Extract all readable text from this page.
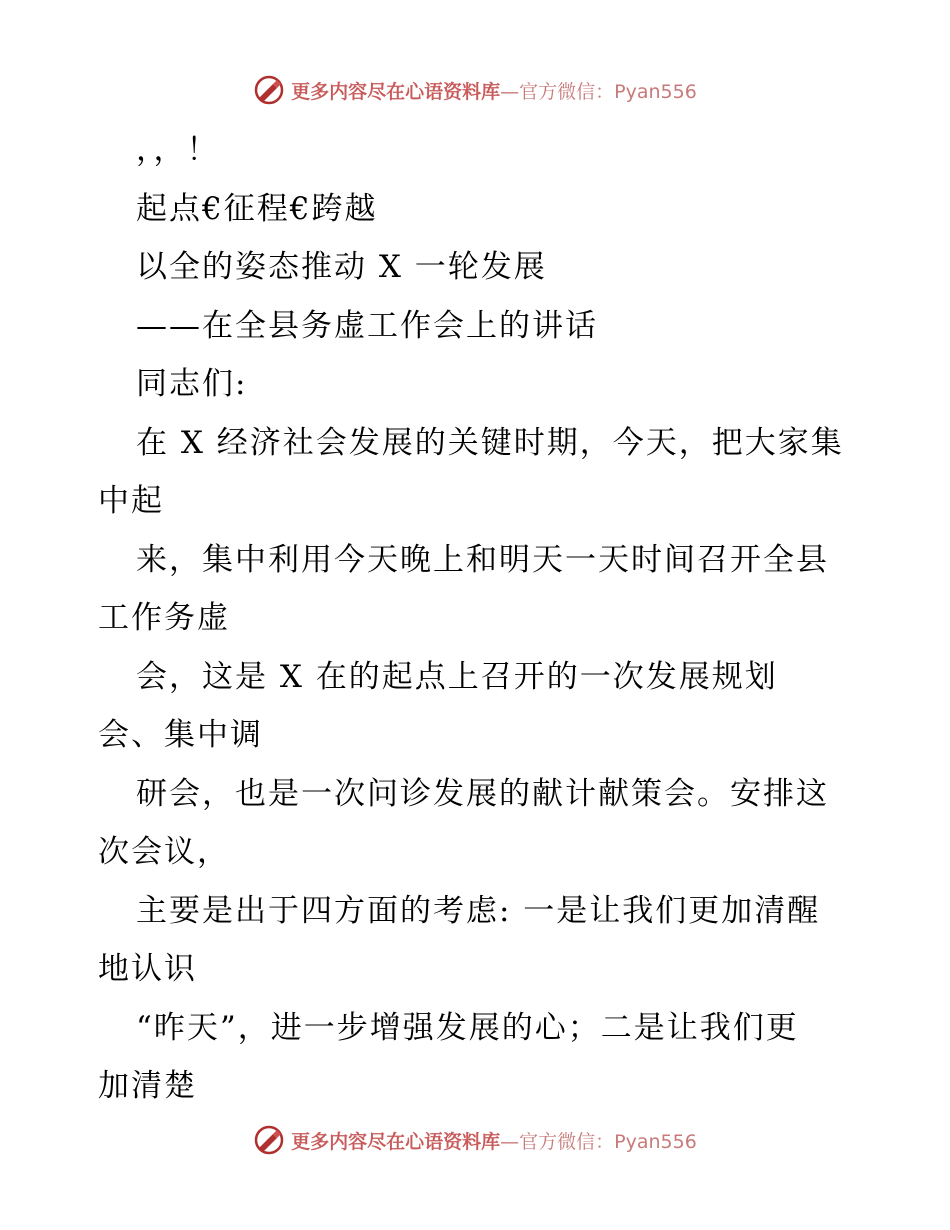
更多内容尽在心语资料库—官方微信：Pyan556
，，！
起点€征程€跨越
以全的姿态推动 X 一轮发展
——在全县务虚工作会上的讲话
同志们:
在 X 经济社会发展的关键时期，今天，把大家集
中起
来，集中利用今天晚上和明天一天时间召开全县
工作务虚
会，这是 X 在的起点上召开的一次发展规划
会、集中调
研会，也是一次问诊发展的献计献策会。安排这
次会议，
主要是出于四方面的考虑: 一是让我们更加清醒
地认识
“昨天”，进一步增强发展的心；二是让我们更
加清楚
更多内容尽在心语资料库—官方微信：Pyan556
